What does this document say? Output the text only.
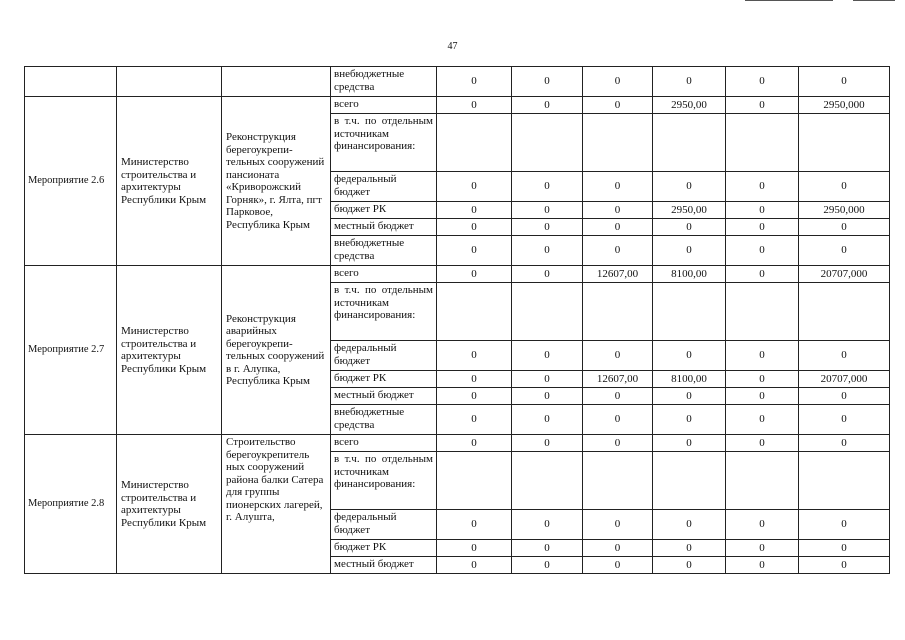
47
			внебюджетные средства	0	0	0	0	0	0
Мероприятие 2.6	Министерство строительства и архитектуры Республики Крым	Реконструкция берегоукрепи-тельных сооружений пансионата «Криворожский Горняк», г. Ялта, пгт Парковое, Республика Крым	всего	0	0	0	2950,00	0	2950,000
			в т.ч. по отдельным источникам финансирования:						
			федеральный бюджет	0	0	0	0	0	0
			бюджет РК	0	0	0	2950,00	0	2950,000
			местный бюджет	0	0	0	0	0	0
			внебюджетные средства	0	0	0	0	0	0
Мероприятие 2.7	Министерство строительства и архитектуры Республики Крым	Реконструкция аварийных берегоукрепи-тельных сооружений в г. Алупка, Республика Крым	всего	0	0	12607,00	8100,00	0	20707,000
			в т.ч. по отдельным источникам финансирования:						
			федеральный бюджет	0	0	0	0	0	0
			бюджет РК	0	0	12607,00	8100,00	0	20707,000
			местный бюджет	0	0	0	0	0	0
			внебюджетные средства	0	0	0	0	0	0
Мероприятие 2.8	Министерство строительства и архитектуры Республики Крым	Строительство берегоукрепитель ных сооружений района балки Сатера для группы пионерских лагерей, г. Алушта,	всего	0	0	0	0	0	0
			в т.ч. по отдельным источникам финансирования:						
			федеральный бюджет	0	0	0	0	0	0
			бюджет РК	0	0	0	0	0	0
			местный бюджет	0	0	0	0	0	0
